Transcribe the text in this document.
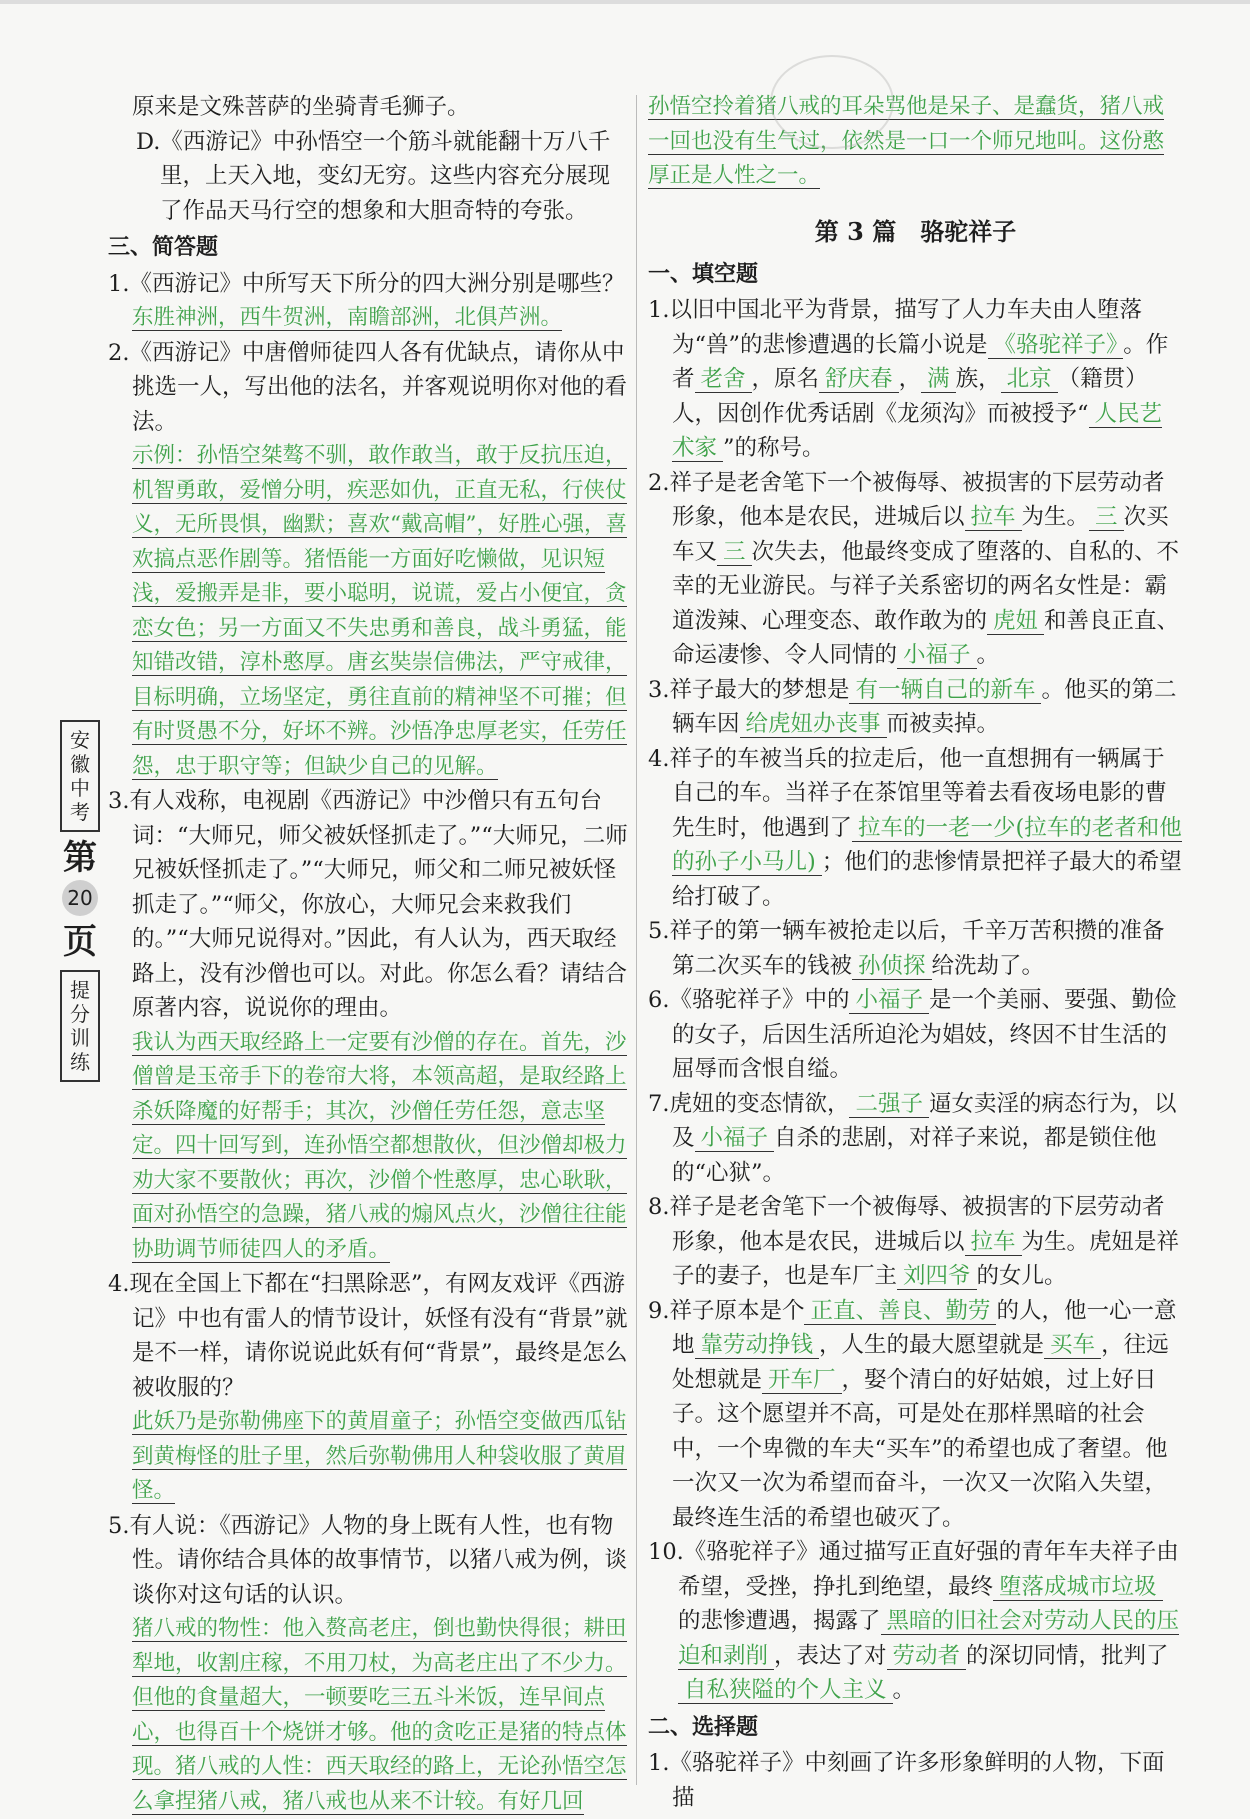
原来是文殊菩萨的坐骑青毛狮子。

D.《西游记》中孙悟空一个筋斗就能翻十万八千里，上天入地，变幻无穷。这些内容充分展现了作品天马行空的想象和大胆奇特的夸张。

三、简答题

1.《西游记》中所写天下所分的四大洲分别是哪些？

东胜神洲，西牛贺洲，南瞻部洲，北俱芦洲。

2.《西游记》中唐僧师徒四人各有优缺点，请你从中挑选一人，写出他的法名，并客观说明你对他的看法。

示例：孙悟空桀骜不驯，敢作敢当，敢于反抗压迫，机智勇敢，爱憎分明，疾恶如仇，正直无私，行侠仗义，无所畏惧，幽默；喜欢“戴高帽”，好胜心强，喜欢搞点恶作剧等。猪悟能一方面好吃懒做，见识短浅，爱搬弄是非，要小聪明，说谎，爱占小便宜，贪恋女色；另一方面又不失忠勇和善良，战斗勇猛，能知错改错，淳朴憨厚。唐玄奘崇信佛法，严守戒律，目标明确，立场坚定，勇往直前的精神坚不可摧；但有时贤愚不分，好坏不辨。沙悟净忠厚老实，任劳任怨，忠于职守等；但缺少自己的见解。

3.有人戏称，电视剧《西游记》中沙僧只有五句台词：“大师兄，师父被妖怪抓走了。”“大师兄，二师兄被妖怪抓走了。”“大师兄，师父和二师兄被妖怪抓走了。”“师父，你放心，大师兄会来救我们的。”“大师兄说得对。”因此，有人认为，西天取经路上，没有沙僧也可以。对此。你怎么看？请结合原著内容，说说你的理由。

我认为西天取经路上一定要有沙僧的存在。首先，沙僧曾是玉帝手下的卷帘大将，本领高超，是取经路上杀妖降魔的好帮手；其次，沙僧任劳任怨，意志坚定。四十回写到，连孙悟空都想散伙，但沙僧却极力劝大家不要散伙；再次，沙僧个性憨厚，忠心耿耿，面对孙悟空的急躁，猪八戒的煽风点火，沙僧往往能协助调节师徒四人的矛盾。

4.现在全国上下都在“扫黑除恶”，有网友戏评《西游记》中也有雷人的情节设计，妖怪有没有“背景”就是不一样，请你说说此妖有何“背景”，最终是怎么被收服的？

此妖乃是弥勒佛座下的黄眉童子；孙悟空变做西瓜钻到黄梅怪的肚子里，然后弥勒佛用人种袋收服了黄眉怪。

5.有人说：《西游记》人物的身上既有人性，也有物性。请你结合具体的故事情节，以猪八戒为例，谈谈你对这句话的认识。

猪八戒的物性：他入赘高老庄，倒也勤快得很；耕田犁地，收割庄稼，不用刀杖，为高老庄出了不少力。但他的食量超大，一顿要吃三五斗米饭，连早间点心，也得百十个烧饼才够。他的贪吃正是猪的特点体现。猪八戒的人性：西天取经的路上，无论孙悟空怎么拿捏猪八戒，猪八戒也从来不计较。有好几回

安徽中考
第
20
页
提分训练

孙悟空拎着猪八戒的耳朵骂他是呆子、是蠢货，猪八戒一回也没有生气过，依然是一口一个师兄地叫。这份憨厚正是人性之一。

第 3 篇　骆驼祥子

一、填空题

1.以旧中国北平为背景，描写了人力车夫由人堕落为“兽”的悲惨遭遇的长篇小说是 《骆驼祥子》 。作者 老舍 ，原名 舒庆春 ， 满 族， 北京 （籍贯）人，因创作优秀话剧《龙须沟》而被授予“ 人民艺术家 ”的称号。

2.祥子是老舍笔下一个被侮辱、被损害的下层劳动者形象，他本是农民，进城后以 拉车 为生。 三 次买车又 三 次失去，他最终变成了堕落的、自私的、不幸的无业游民。与祥子关系密切的两名女性是：霸道泼辣、心理变态、敢作敢为的 虎妞 和善良正直、命运凄惨、令人同情的 小福子 。

3.祥子最大的梦想是 有一辆自己的新车 。他买的第二辆车因 给虎妞办丧事 而被卖掉。

4.祥子的车被当兵的拉走后，他一直想拥有一辆属于自己的车。当祥子在茶馆里等着去看夜场电影的曹先生时，他遇到了 拉车的一老一少(拉车的老者和他的孙子小马儿) ；他们的悲惨情景把祥子最大的希望给打破了。

5.祥子的第一辆车被抢走以后，千辛万苦积攒的准备第二次买车的钱被 孙侦探 给洗劫了。

6.《骆驼祥子》中的 小福子 是一个美丽、要强、勤俭的女子，后因生活所迫沦为娼妓，终因不甘生活的屈辱而含恨自缢。

7.虎妞的变态情欲， 二强子 逼女卖淫的病态行为，以及 小福子 自杀的悲剧，对祥子来说，都是锁住他的“心狱”。

8.祥子是老舍笔下一个被侮辱、被损害的下层劳动者形象，他本是农民，进城后以 拉车 为生。虎妞是祥子的妻子，也是车厂主 刘四爷 的女儿。

9.祥子原本是个 正直、善良、勤劳 的人，他一心一意地 靠劳动挣钱 ，人生的最大愿望就是 买车 ，往远处想就是 开车厂 ，娶个清白的好姑娘，过上好日子。这个愿望并不高，可是处在那样黑暗的社会中，一个卑微的车夫“买车”的希望也成了奢望。他一次又一次为希望而奋斗，一次又一次陷入失望，最终连生活的希望也破灭了。

10.《骆驼祥子》通过描写正直好强的青年车夫祥子由希望，受挫，挣扎到绝望，最终 堕落成城市垃圾的悲惨遭遇，揭露了 黑暗的旧社会对劳动人民的压迫和剥削 ，表达了对 劳动者 的深切同情，批判了自私狭隘的个人主义 。

二、选择题

1.《骆驼祥子》中刻画了许多形象鲜明的人物，下面描
